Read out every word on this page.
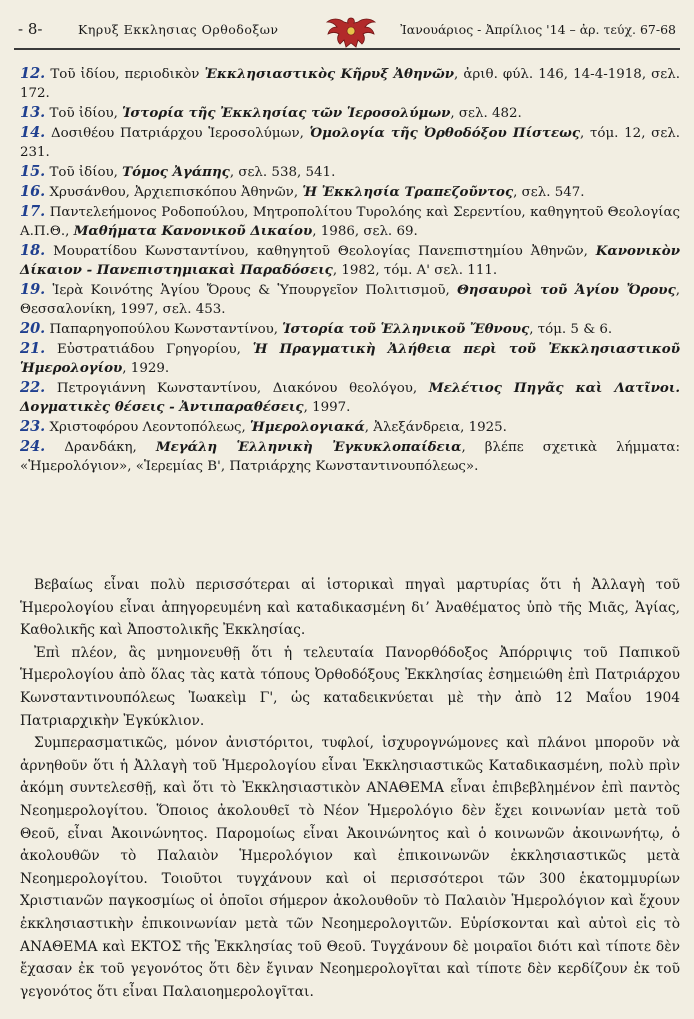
- 8-	Κηρυξ Εκκλησιας Ορθοδοξων	Ἰανουάριος - Ἀπρίλιος '14 – ἀρ. τεύχ. 67-68

12. Τοῦ ἰδίου, περιοδικὸν Ἐκκλησιαστικὸς Κῆρυξ Ἀθηνῶν, ἀριθ. φύλ. 146, 14-4-1918, σελ. 172.

13. Τοῦ ἰδίου, Ἱστορία τῆς Ἐκκλησίας τῶν Ἱεροσολύμων, σελ. 482.

14. Δοσιθέου Πατριάρχου Ἱεροσολύμων, Ὁμολογία τῆς Ὀρθοδόξου Πίστεως, τόμ. 12, σελ. 231.

15. Τοῦ ἰδίου, Τόμος Ἀγάπης, σελ. 538, 541.

16. Χρυσάνθου, Ἀρχιεπισκόπου Ἀθηνῶν, Ἡ Ἐκκλησία Τραπεζοῦντος, σελ. 547.

17. Παντελεήμονος Ροδοπούλου, Μητροπολίτου Τυρολόης καὶ Σερεντίου, καθηγητοῦ Θεολογίας Α.Π.Θ., Μαθήματα Κανονικοῦ Δικαίου, 1986, σελ. 69.

18. Μουρατίδου Κωνσταντίνου, καθηγητοῦ Θεολογίας Πανεπιστημίου Ἀθηνῶν, Κανονικὸν Δίκαιον - Πανεπιστημιακαὶ Παραδόσεις, 1982, τόμ. Α' σελ. 111.

19. Ἱερὰ Κοινότης Ἁγίου Ὄρους & Ὑπουργεῖον Πολιτισμοῦ, Θησαυροὶ τοῦ Ἁγίου Ὄρους, Θεσσαλονίκη, 1997, σελ. 453.

20. Παπαρηγοπούλου Κωνσταντίνου, Ἱστορία τοῦ Ἑλληνικοῦ Ἔθνους, τόμ. 5 & 6.

21. Εὐστρατιάδου Γρηγορίου, Ἡ Πραγματικὴ Ἀλήθεια περὶ τοῦ Ἐκκλησιαστικοῦ Ἡμερολογίου, 1929.

22. Πετρογιάννη Κωνσταντίνου, Διακόνου θεολόγου, Μελέτιος Πηγᾶς καὶ Λατῖνοι. Δογματικὲς θέσεις - Ἀντιπαραθέσεις, 1997.

23. Χριστοφόρου Λεοντοπόλεως, Ἡμερολογιακά, Ἀλεξάνδρεια, 1925.

24. Δρανδάκη, Μεγάλη Ἑλληνικὴ Ἐγκυκλοπαίδεια, βλέπε σχετικὰ λήμματα: «Ἡμερολόγιον», «Ἱερεμίας Β', Πατριάρχης Κωνσταντινουπόλεως».

Βεβαίως εἶναι πολὺ περισσότεραι αἱ ἱστορικαὶ πηγαὶ μαρτυρίας ὅτι ἡ Ἀλλαγὴ τοῦ Ἡμερολογίου εἶναι ἀπηγορευμένη καὶ καταδικασμένη διʼ Ἀναθέματος ὑπὸ τῆς Μιᾶς, Ἁγίας, Καθολικῆς καὶ Ἀποστολικῆς Ἐκκλησίας.

Ἐπὶ πλέον, ἂς μνημονευθῇ ὅτι ἡ τελευταία Πανορθόδοξος Ἀπόρριψις τοῦ Παπικοῦ Ἡμερολογίου ἀπὸ ὅλας τὰς κατὰ τόπους Ὀρθοδόξους Ἐκκλησίας ἐσημειώθη ἐπὶ Πατριάρχου Κωνσταντινουπόλεως Ἰωακεὶμ Γ', ὡς καταδεικνύεται μὲ τὴν ἀπὸ 12 Μαΐου 1904 Πατριαρχικὴν Ἐγκύκλιον.

Συμπερασματικῶς, μόνον ἀνιστόριτοι, τυφλοί, ἰσχυρογνώμονες καὶ πλάνοι μποροῦν νὰ ἀρνηθοῦν ὅτι ἡ Ἀλλαγὴ τοῦ Ἡμερολογίου εἶναι Ἐκκλησιαστικῶς Καταδικασμένη, πολὺ πρὶν ἀκόμη συντελεσθῇ, καὶ ὅτι τὸ Ἐκκλησιαστικὸν ΑΝΑΘΕΜΑ εἶναι ἐπιβεβλημένον ἐπὶ παντὸς Νεοημερολογίτου. Ὅποιος ἀκολουθεῖ τὸ Νέον Ἡμερολόγιο δὲν ἔχει κοινωνίαν μετὰ τοῦ Θεοῦ, εἶναι Ἀκοινώνητος. Παρομοίως εἶναι Ἀκοινώνητος καὶ ὁ κοινωνῶν ἀκοινωνήτῳ, ὁ ἀκολουθῶν τὸ Παλαιὸν Ἡμερολόγιον καὶ ἐπικοινωνῶν ἐκκλησιαστικῶς μετὰ Νεοημερολογίτου. Τοιοῦτοι τυγχάνουν καὶ οἱ περισσότεροι τῶν 300 ἑκατομμυρίων Χριστιανῶν παγκοσμίως οἱ ὁποῖοι σήμερον ἀκολουθοῦν τὸ Παλαιὸν Ἡμερολόγιον καὶ ἔχουν ἐκκλησιαστικὴν ἐπικοινωνίαν μετὰ τῶν Νεοημερολογιτῶν. Εὑρίσκονται καὶ αὐτοὶ εἰς τὸ ΑΝΑΘΕΜΑ καὶ ΕΚΤΟΣ τῆς Ἐκκλησίας τοῦ Θεοῦ. Τυγχάνουν δὲ μοιραῖοι διότι καὶ τίποτε δὲν ἔχασαν ἐκ τοῦ γεγονότος ὅτι δὲν ἔγιναν Νεοημερολογῖται καὶ τίποτε δὲν κερδίζουν ἐκ τοῦ γεγονότος ὅτι εἶναι Παλαιοημερολογῖται.
